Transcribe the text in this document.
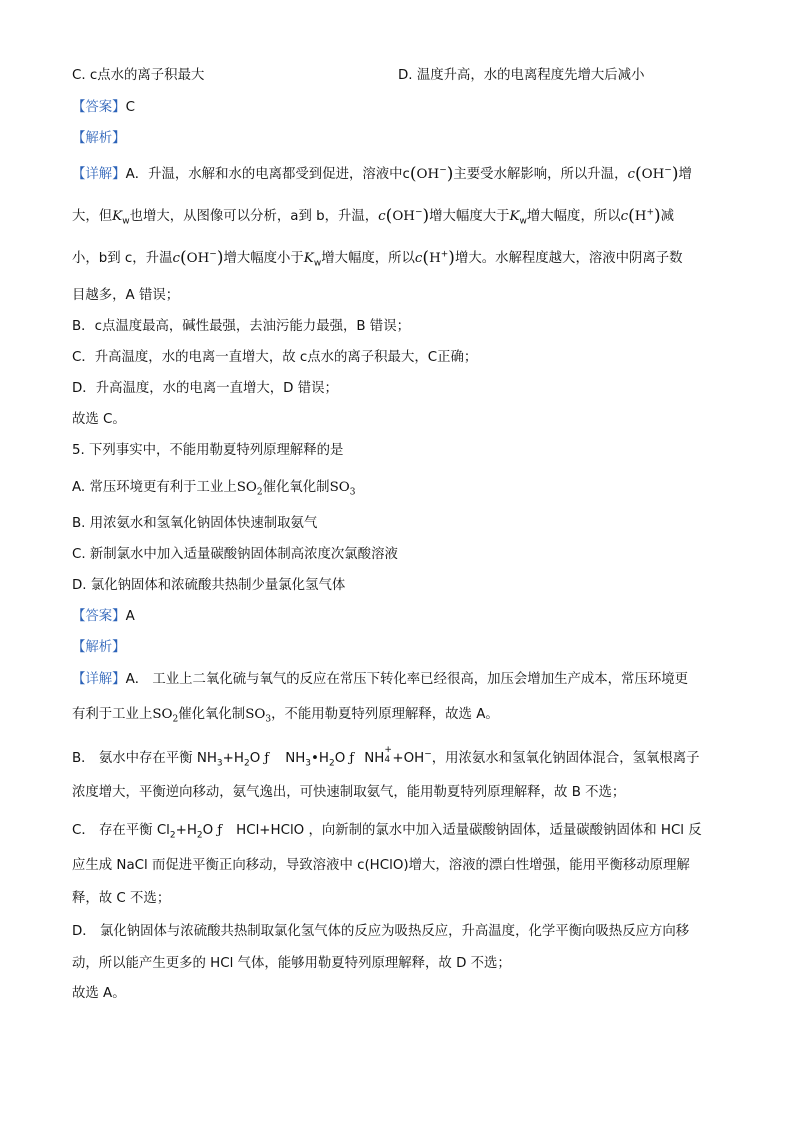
C. c点水的离子积最大	D. 温度升高，水的电离程度先增大后减小
【答案】C
【解析】
【详解】A．升温，水解和水的电离都受到促进，溶液中c(OH−)主要受水解影响，所以升温，c(OH−)增
大，但$K_w$也增大，从图像可以分析，a到 b，升温，c(OH−)增大幅度大于$K_w$增大幅度，所以c(H+)减
小，b到 c，升温c(OH−)增大幅度小于$K_w$增大幅度，所以c(H+)增大。水解程度越大，溶液中阴离子数
目越多，A 错误；
B．c点温度最高，碱性最强，去油污能力最强，B 错误；
C．升高温度，水的电离一直增大，故 c点水的离子积最大，C正确；
D．升高温度，水的电离一直增大，D 错误；
故选 C。
5. 下列事实中，不能用勒夏特列原理解释的是
A. 常压环境更有利于工业上$SO_2$催化氧化制$SO_3$
B. 用浓氨水和氢氧化钠固体快速制取氨气
C. 新制氯水中加入适量碳酸钠固体制高浓度次氯酸溶液
D. 氯化钠固体和浓硫酸共热制少量氯化氢气体
【答案】A
【解析】
【详解】A． 工业上二氧化硫与氧气的反应在常压下转化率已经很高，加压会增加生产成本，常压环境更
有利于工业上$SO_2$催化氧化制$SO_3$，不能用勒夏特列原理解释，故选 A。
B． 氨水中存在平衡 $NH_3+H_2O$ ƒ $NH_3•H_2O$ ƒ NH
+
4 +OH−，用浓氨水和氢氧化钠固体混合，氢氧根离子
浓度增大，平衡逆向移动，氨气逸出，可快速制取氨气，能用勒夏特列原理解释，故 B 不选；
C． 存在平衡 $Cl_2+H_2O$ ƒ HCl+HClO ，向新制的氯水中加入适量碳酸钠固体，适量碳酸钠固体和 HCl 反
应生成 NaCl 而促进平衡正向移动，导致溶液中 c(HClO)增大，溶液的漂白性增强，能用平衡移动原理解
释，故 C 不选；
D． 氯化钠固体与浓硫酸共热制取氯化氢气体的反应为吸热反应，升高温度，化学平衡向吸热反应方向移
动，所以能产生更多的 HCl 气体，能够用勒夏特列原理解释，故 D 不选；
故选 A。
